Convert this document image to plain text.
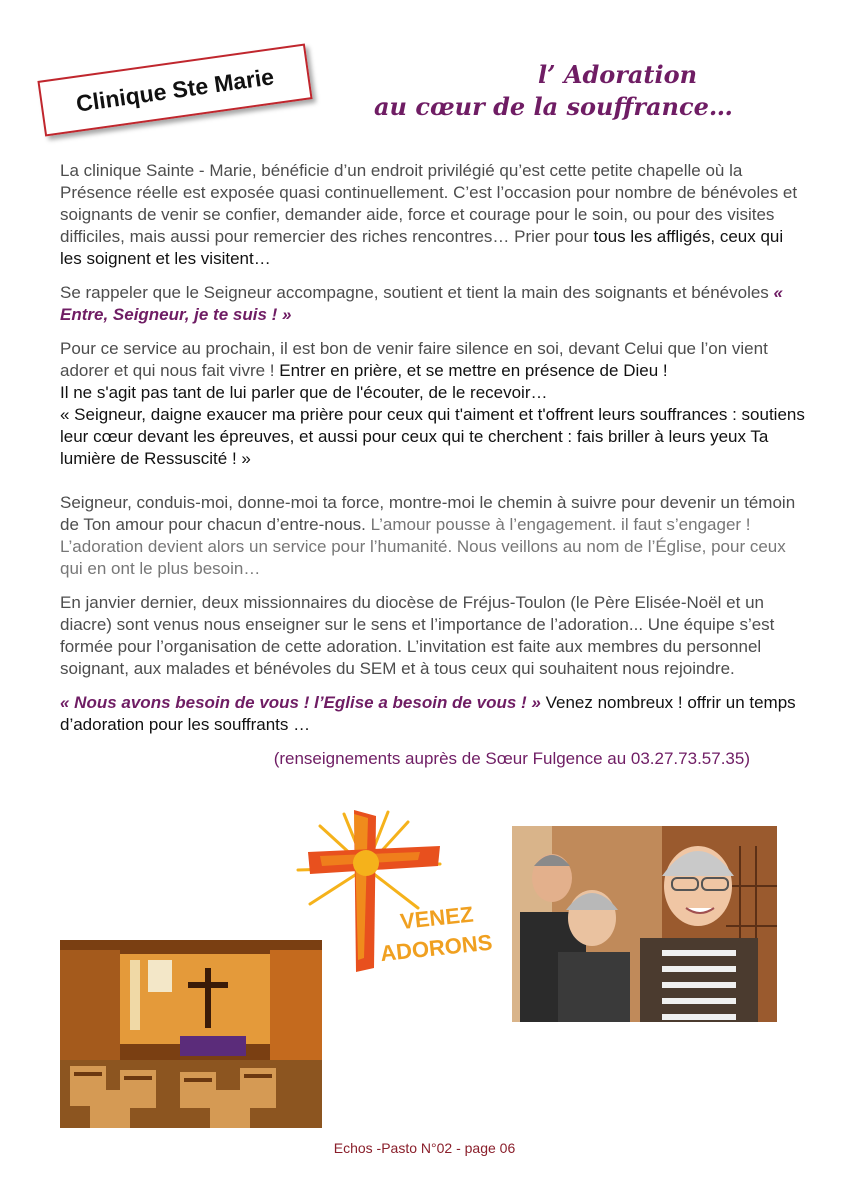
Clinique Ste Marie	l’ Adoration
au cœur de la souffrance…

La clinique Sainte - Marie, bénéficie d’un endroit privilégié qu’est cette petite chapelle où la Présence réelle est exposée quasi continuellement. C’est l’occasion pour nombre de bénévoles et soignants de venir se confier, demander aide, force et courage pour le soin, ou pour des visites difficiles, mais aussi pour remercier des riches rencontres… Prier pour tous les affligés, ceux qui les soignent et les visitent…

Se rappeler que le Seigneur accompagne, soutient et tient la main des soignants et bénévoles « Entre, Seigneur, je te suis ! »

Pour ce service au prochain, il est bon de venir faire silence en soi, devant Celui que l’on vient adorer et qui nous fait vivre ! Entrer en prière, et se mettre en présence de Dieu !
Il ne s'agit pas tant de lui parler que de l'écouter, de le recevoir…
« Seigneur, daigne exaucer ma prière pour ceux qui t'aiment et t'offrent leurs souffrances : soutiens leur cœur devant les épreuves, et aussi pour ceux qui te cherchent : fais briller à leurs yeux Ta lumière de Ressuscité ! »

Seigneur, conduis-moi, donne-moi ta force, montre-moi le chemin à suivre pour devenir un témoin de Ton amour pour chacun d’entre-nous. L’amour pousse à l’engagement. il faut s’engager ! L’adoration devient alors un service pour l’humanité. Nous veillons au nom de l’Église, pour ceux qui en ont le plus besoin…

En janvier dernier, deux missionnaires du diocèse de Fréjus-Toulon (le Père Elisée-Noël et un diacre) sont venus nous enseigner sur le sens et l’importance de l’adoration... Une équipe s’est formée pour l’organisation de cette adoration. L’invitation est faite aux membres du personnel soignant, aux malades et bénévoles du SEM et à tous ceux qui souhaitent nous rejoindre.

« Nous avons besoin de vous ! l’Eglise a besoin de vous ! » Venez nombreux ! offrir un temps d’adoration pour les souffrants …

(renseignements auprès de Sœur Fulgence au 03.27.73.57.35)
VENEZ
ADORONS
Echos -Pasto N°02 - page 06
